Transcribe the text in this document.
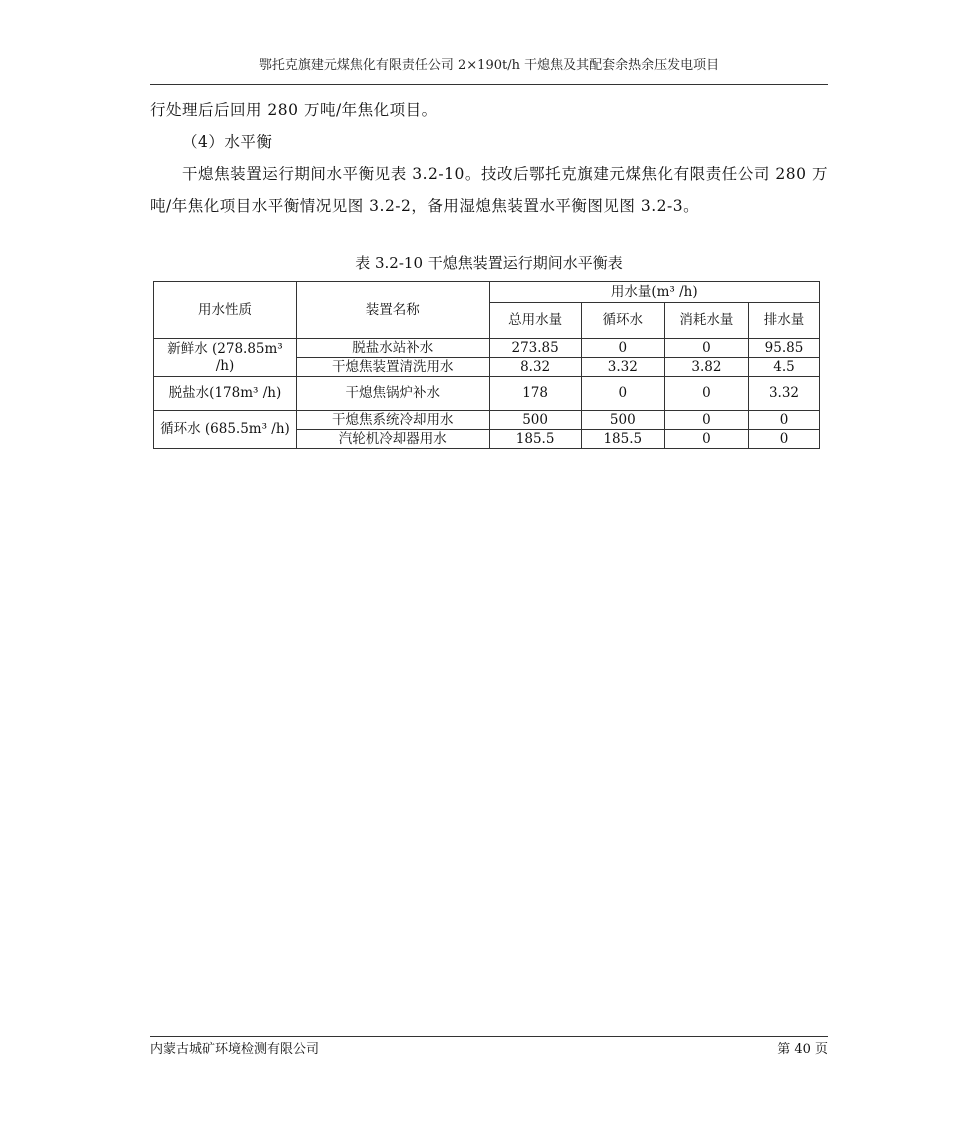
鄂托克旗建元煤焦化有限责任公司 2×190t/h 干熄焦及其配套余热余压发电项目

行处理后后回用 280 万吨/年焦化项目。

（4）水平衡

干熄焦装置运行期间水平衡见表 3.2-10。技改后鄂托克旗建元煤焦化有限责任公司 280 万吨/年焦化项目水平衡情况见图 3.2-2，备用湿熄焦装置水平衡图见图 3.2-3。

表 3.2-10 干熄焦装置运行期间水平衡表
用水性质	装置名称	用水量(m³ /h)			
		总用水量	循环水	消耗水量	排水量
新鲜水 (278.85m³ /h)	脱盐水站补水	273.85	0	0	95.85
	干熄焦装置清洗用水	8.32	3.32	3.82	4.5
脱盐水(178m³ /h)	干熄焦锅炉补水	178	0	0	3.32
循环水 (685.5m³ /h)	干熄焦系统冷却用水	500	500	0	0
	汽轮机冷却器用水	185.5	185.5	0	0
内蒙古城矿环境检测有限公司	第 40 页
